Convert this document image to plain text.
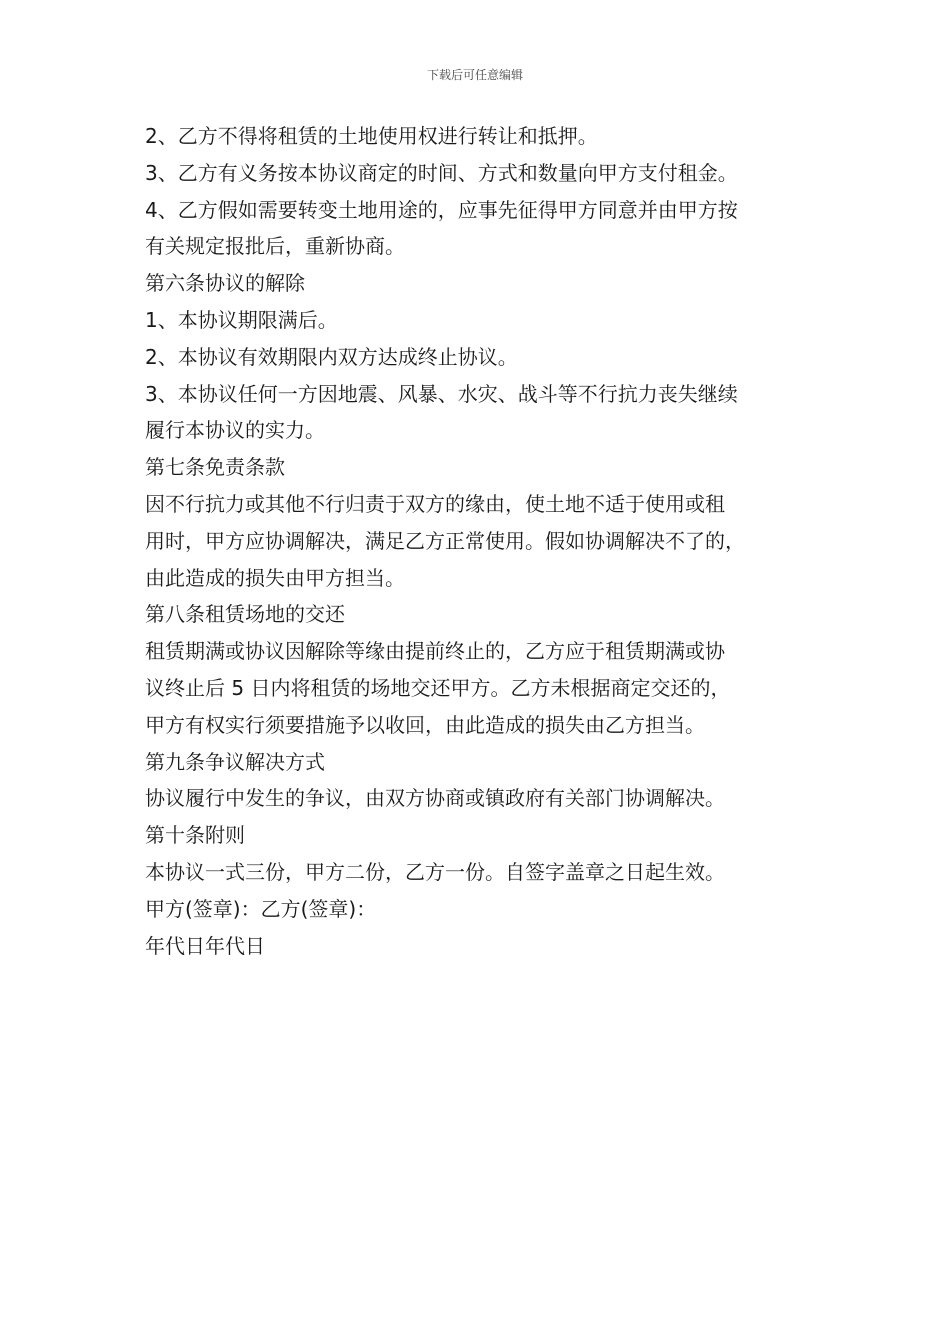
下载后可任意编辑
2、乙方不得将租赁的土地使用权进行转让和抵押。
3、乙方有义务按本协议商定的时间、方式和数量向甲方支付租金。
4、乙方假如需要转变土地用途的，应事先征得甲方同意并由甲方按
有关规定报批后，重新协商。
第六条协议的解除
1、本协议期限满后。
2、本协议有效期限内双方达成终止协议。
3、本协议任何一方因地震、风暴、水灾、战斗等不行抗力丧失继续
履行本协议的实力。
第七条免责条款
因不行抗力或其他不行归责于双方的缘由，使土地不适于使用或租
用时，甲方应协调解决，满足乙方正常使用。假如协调解决不了的，
由此造成的损失由甲方担当。
第八条租赁场地的交还
租赁期满或协议因解除等缘由提前终止的，乙方应于租赁期满或协
议终止后 5 日内将租赁的场地交还甲方。乙方未根据商定交还的，
甲方有权实行须要措施予以收回，由此造成的损失由乙方担当。
第九条争议解决方式
协议履行中发生的争议，由双方协商或镇政府有关部门协调解决。
第十条附则
本协议一式三份，甲方二份，乙方一份。自签字盖章之日起生效。
甲方(签章)：乙方(签章)：
年代日年代日
